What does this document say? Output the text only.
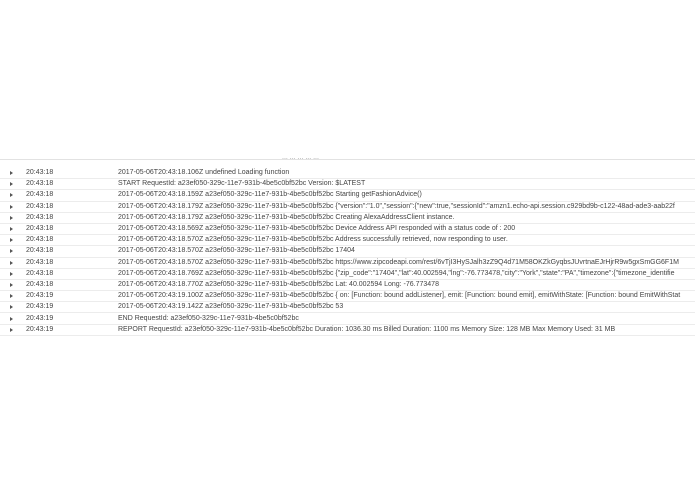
... ... ... ... ...
20:43:18	2017-05-06T20:43:18.106Z undefined Loading function
20:43:18	START RequestId: a23ef050-329c-11e7-931b-4be5c0bf52bc Version: $LATEST
20:43:18	2017-05-06T20:43:18.159Z a23ef050-329c-11e7-931b-4be5c0bf52bc Starting getFashionAdvice()
20:43:18	2017-05-06T20:43:18.179Z a23ef050-329c-11e7-931b-4be5c0bf52bc {"version":"1.0","session":{"new":true,"sessionId":"amzn1.echo-api.session.c929bd9b-c122-48ad-ade3-aab22f
20:43:18	2017-05-06T20:43:18.179Z a23ef050-329c-11e7-931b-4be5c0bf52bc Creating AlexaAddressClient instance.
20:43:18	2017-05-06T20:43:18.569Z a23ef050-329c-11e7-931b-4be5c0bf52bc Device Address API responded with a status code of : 200
20:43:18	2017-05-06T20:43:18.570Z a23ef050-329c-11e7-931b-4be5c0bf52bc Address successfully retrieved, now responding to user.
20:43:18	2017-05-06T20:43:18.570Z a23ef050-329c-11e7-931b-4be5c0bf52bc 17404
20:43:18	2017-05-06T20:43:18.570Z a23ef050-329c-11e7-931b-4be5c0bf52bc https://www.zipcodeapi.com/rest/6vTjI3HySJalh3zZ9Q4d71M58OKZkGyqbsJUvrtnaEJrHjrR9w5gxSmGG6F1M
20:43:18	2017-05-06T20:43:18.769Z a23ef050-329c-11e7-931b-4be5c0bf52bc {"zip_code":"17404","lat":40.002594,"lng":-76.773478,"city":"York","state":"PA","timezone":{"timezone_identifie
20:43:18	2017-05-06T20:43:18.770Z a23ef050-329c-11e7-931b-4be5c0bf52bc Lat: 40.002594 Long: -76.773478
20:43:19	2017-05-06T20:43:19.100Z a23ef050-329c-11e7-931b-4be5c0bf52bc { on: [Function: bound addListener], emit: [Function: bound emit], emitWithState: [Function: bound EmitWithStat
20:43:19	2017-05-06T20:43:19.142Z a23ef050-329c-11e7-931b-4be5c0bf52bc 53
20:43:19	END RequestId: a23ef050-329c-11e7-931b-4be5c0bf52bc
20:43:19	REPORT RequestId: a23ef050-329c-11e7-931b-4be5c0bf52bc Duration: 1036.30 ms Billed Duration: 1100 ms Memory Size: 128 MB Max Memory Used: 31 MB
